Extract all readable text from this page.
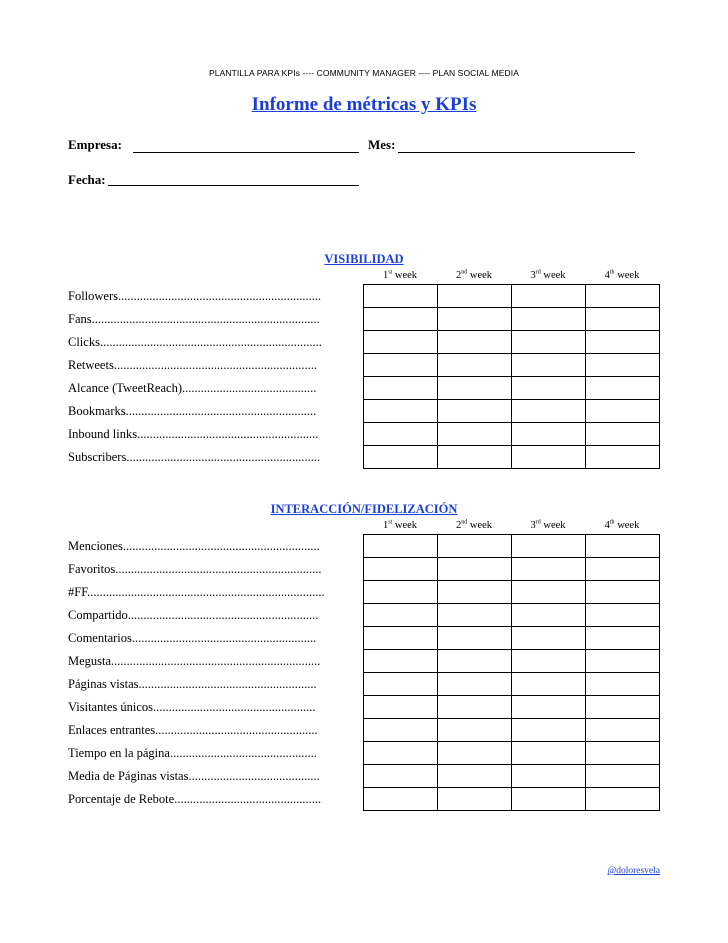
PLANTILLA PARA KPIs ---- COMMUNITY MANAGER ---- PLAN SOCIAL MEDIA
Informe de métricas y KPIs
Empresa:	Mes:
Fecha:
VISIBILIDAD
1st week	2nd week	3rd week	4th week
Followers.................................................................				
Fans.........................................................................				
Clicks.......................................................................				
Retweets.................................................................				
Alcance (TweetReach)...........................................				
Bookmarks.............................................................				
Inbound links..........................................................				
Subscribers..............................................................				
INTERACCIÓN/FIDELIZACIÓN
1st week	2nd week	3rd week	4th week
Menciones...............................................................				
Favoritos..................................................................				
#FF............................................................................				
Compartido.............................................................				
Comentarios...........................................................				
Megusta...................................................................				
Páginas vistas.........................................................				
Visitantes únicos....................................................				
Enlaces entrantes....................................................				
Tiempo en la página...............................................				
Media de Páginas vistas..........................................				
Porcentaje de Rebote...............................................				
@doloresvela
